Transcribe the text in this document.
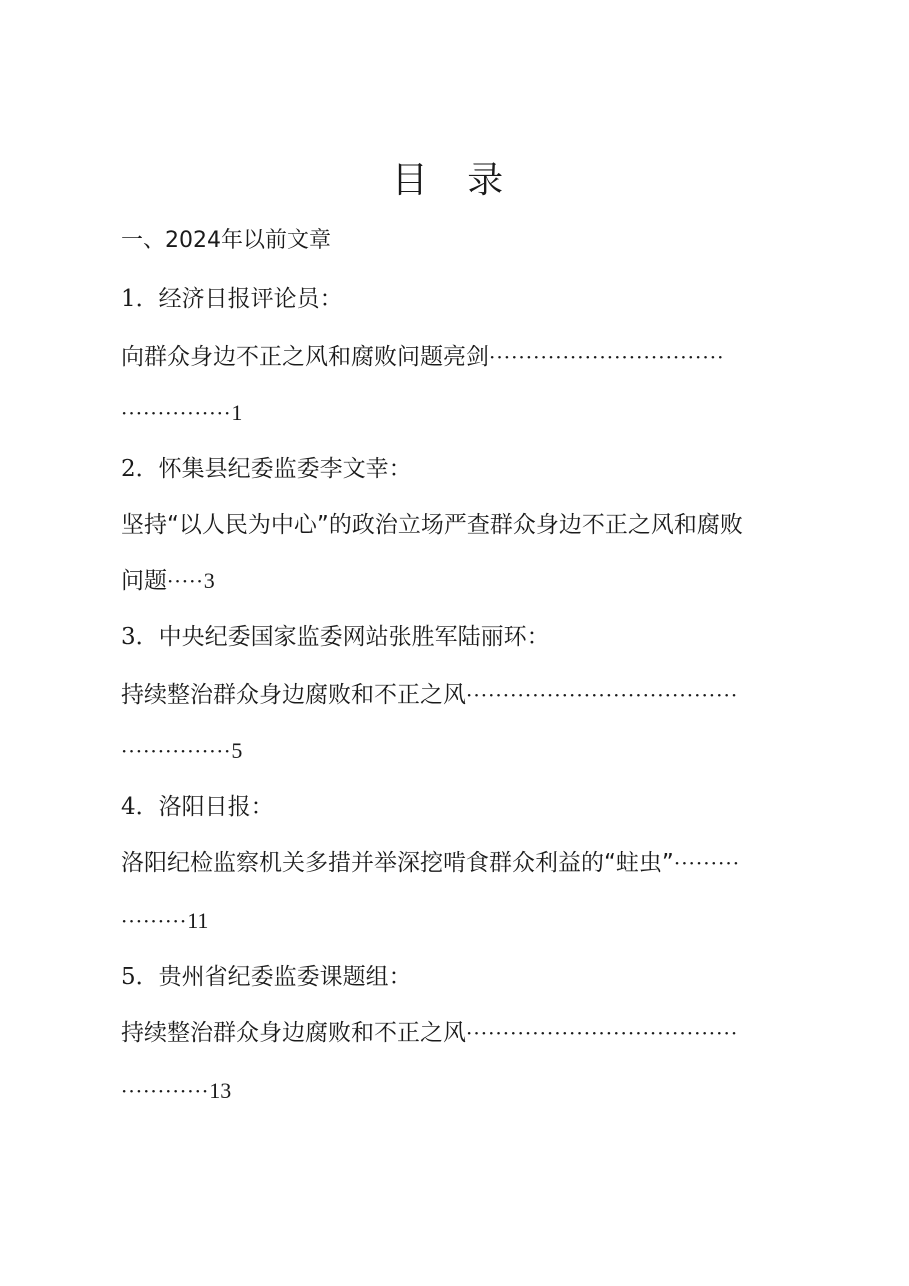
目 录
一、2024年以前文章
1．经济日报评论员：
向群众身边不正之风和腐败问题亮剑 ································
···············1
2．怀集县纪委监委李文幸：
坚持“以人民为中心”的政治立场严查群众身边不正之风和腐败
问题·····3
3．中央纪委国家监委网站张胜军陆丽环：
持续整治群众身边腐败和不正之风 ·····································
···············5
4．洛阳日报：
洛阳纪检监察机关多措并举深挖啃食群众利益的“蛀虫” ·········
·········11
5．贵州省纪委监委课题组：
持续整治群众身边腐败和不正之风 ·····································
············13
